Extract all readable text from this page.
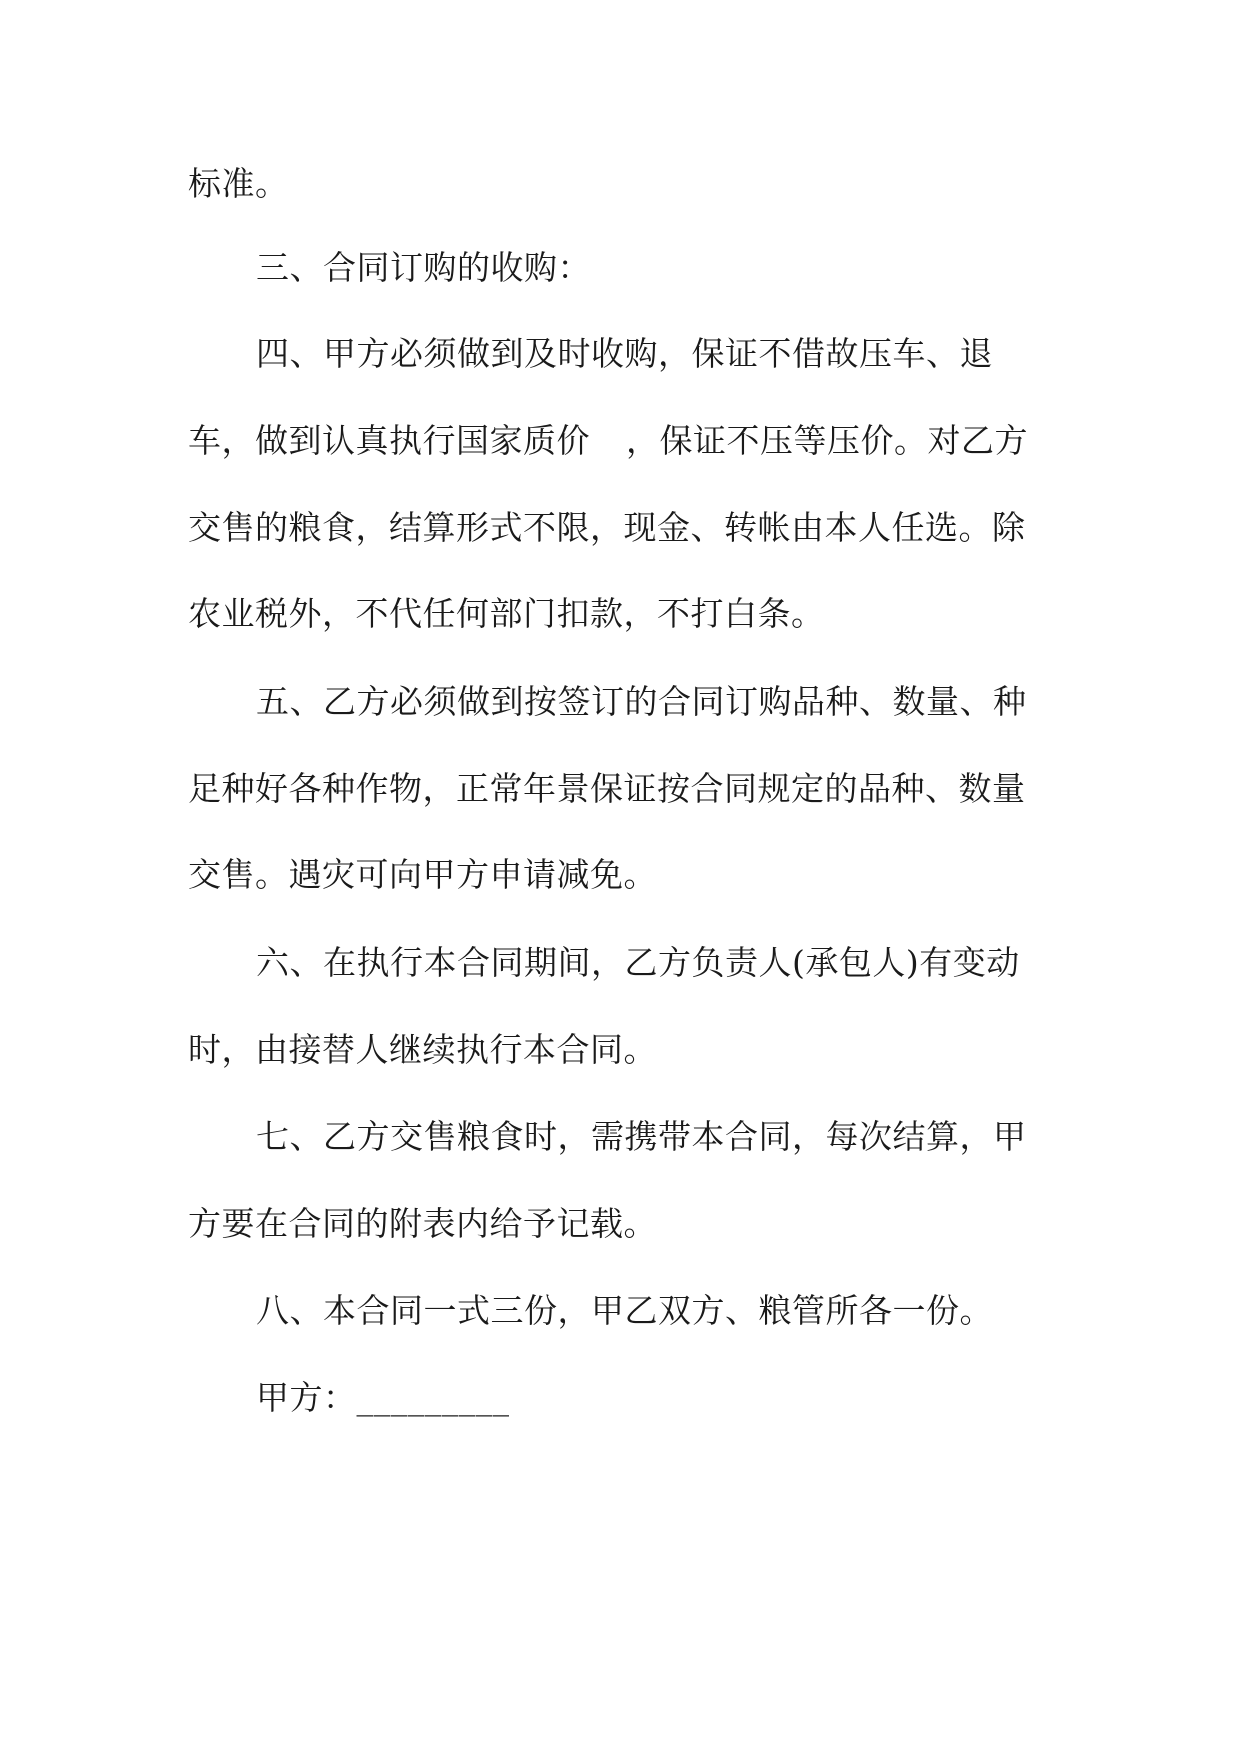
标准。
三、合同订购的收购：
四、甲方必须做到及时收购，保证不借故压车、退
车，做到认真执行国家质价 ，保证不压等压价。对乙方
交售的粮食，结算形式不限，现金、转帐由本人任选。除
农业税外，不代任何部门扣款，不打白条。
五、乙方必须做到按签订的合同订购品种、数量、种
足种好各种作物，正常年景保证按合同规定的品种、数量
交售。遇灾可向甲方申请减免。
六、在执行本合同期间，乙方负责人(承包人)有变动
时，由接替人继续执行本合同。
七、乙方交售粮食时，需携带本合同，每次结算，甲
方要在合同的附表内给予记载。
八、本合同一式三份，甲乙双方、粮管所各一份。
甲方：_________
